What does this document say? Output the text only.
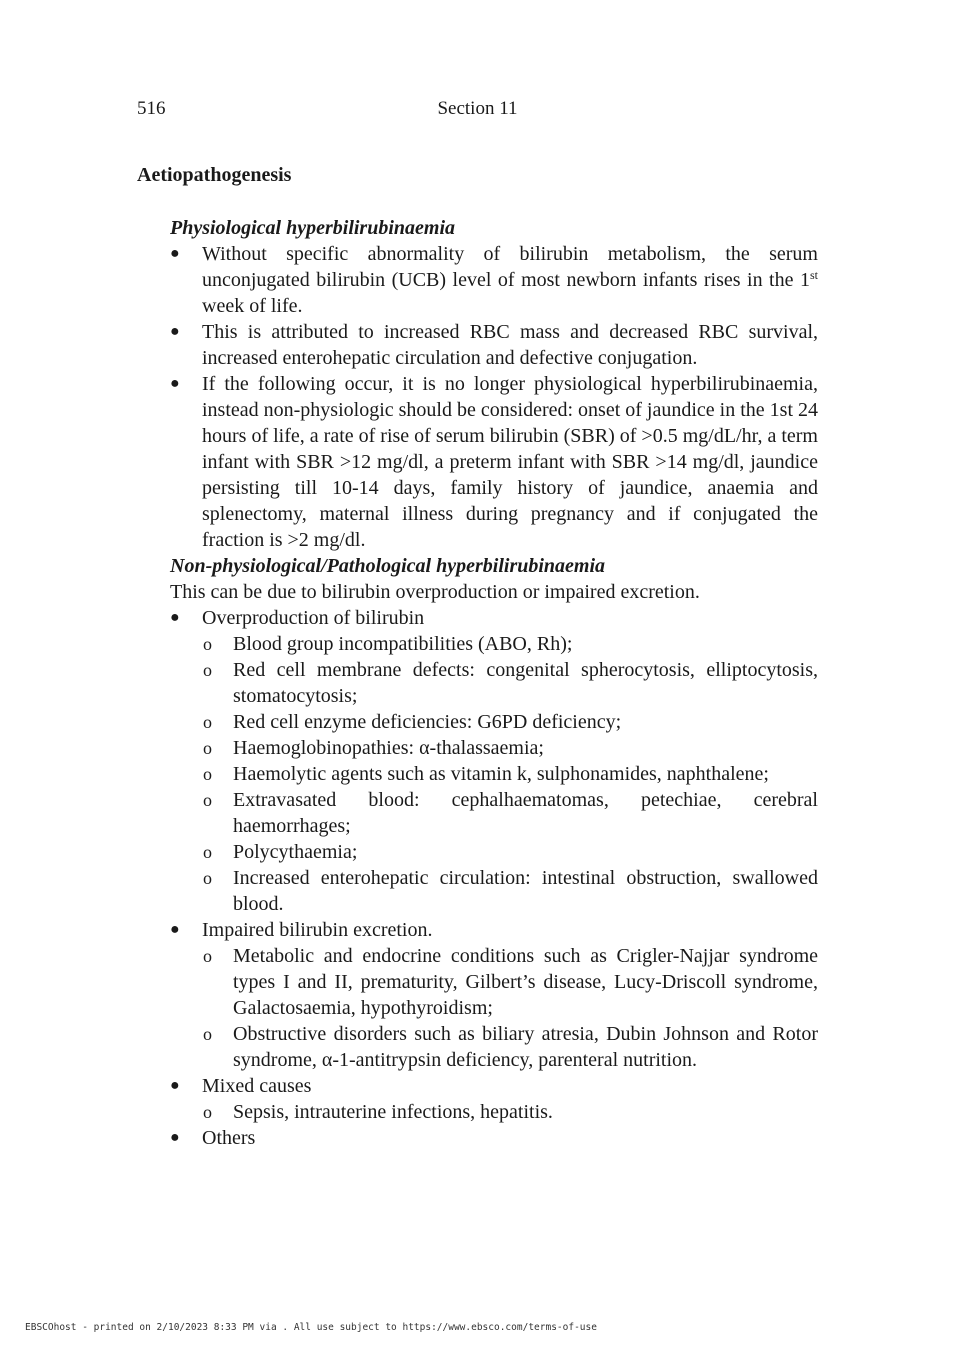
516	Section 11
Aetiopathogenesis

Physiological hyperbilirubinaemia

● Without specific abnormality of bilirubin metabolism, the serum unconjugated bilirubin (UCB) level of most newborn infants rises in the 1st week of life.
● This is attributed to increased RBC mass and decreased RBC survival, increased enterohepatic circulation and defective conjugation.
● If the following occur, it is no longer physiological hyperbilirubinaemia, instead non-physiologic should be considered: onset of jaundice in the 1st 24 hours of life, a rate of rise of serum bilirubin (SBR) of >0.5 mg/dL/hr, a term infant with SBR >12 mg/dl, a preterm infant with SBR >14 mg/dl, jaundice persisting till 10-14 days, family history of jaundice, anaemia and splenectomy, maternal illness during pregnancy and if conjugated the fraction is >2 mg/dl.

Non-physiological/Pathological hyperbilirubinaemia

This can be due to bilirubin overproduction or impaired excretion.

● Overproduction of bilirubin
o Blood group incompatibilities (ABO, Rh);
o Red cell membrane defects: congenital spherocytosis, elliptocytosis, stomatocytosis;
o Red cell enzyme deficiencies: G6PD deficiency;
o Haemoglobinopathies: α-thalassaemia;
o Haemolytic agents such as vitamin k, sulphonamides, naphthalene;
o Extravasated blood: cephalhaematomas, petechiae, cerebral haemorrhages;
o Polycythaemia;
o Increased enterohepatic circulation: intestinal obstruction, swallowed blood.
● Impaired bilirubin excretion.
o Metabolic and endocrine conditions such as Crigler-Najjar syndrome types I and II, prematurity, Gilbert’s disease, Lucy-Driscoll syndrome, Galactosaemia, hypothyroidism;
o Obstructive disorders such as biliary atresia, Dubin Johnson and Rotor syndrome, α-1-antitrypsin deficiency, parenteral nutrition.
● Mixed causes
o Sepsis, intrauterine infections, hepatitis.
● Others
EBSCOhost - printed on 2/10/2023 8:33 PM via . All use subject to https://www.ebsco.com/terms-of-use
